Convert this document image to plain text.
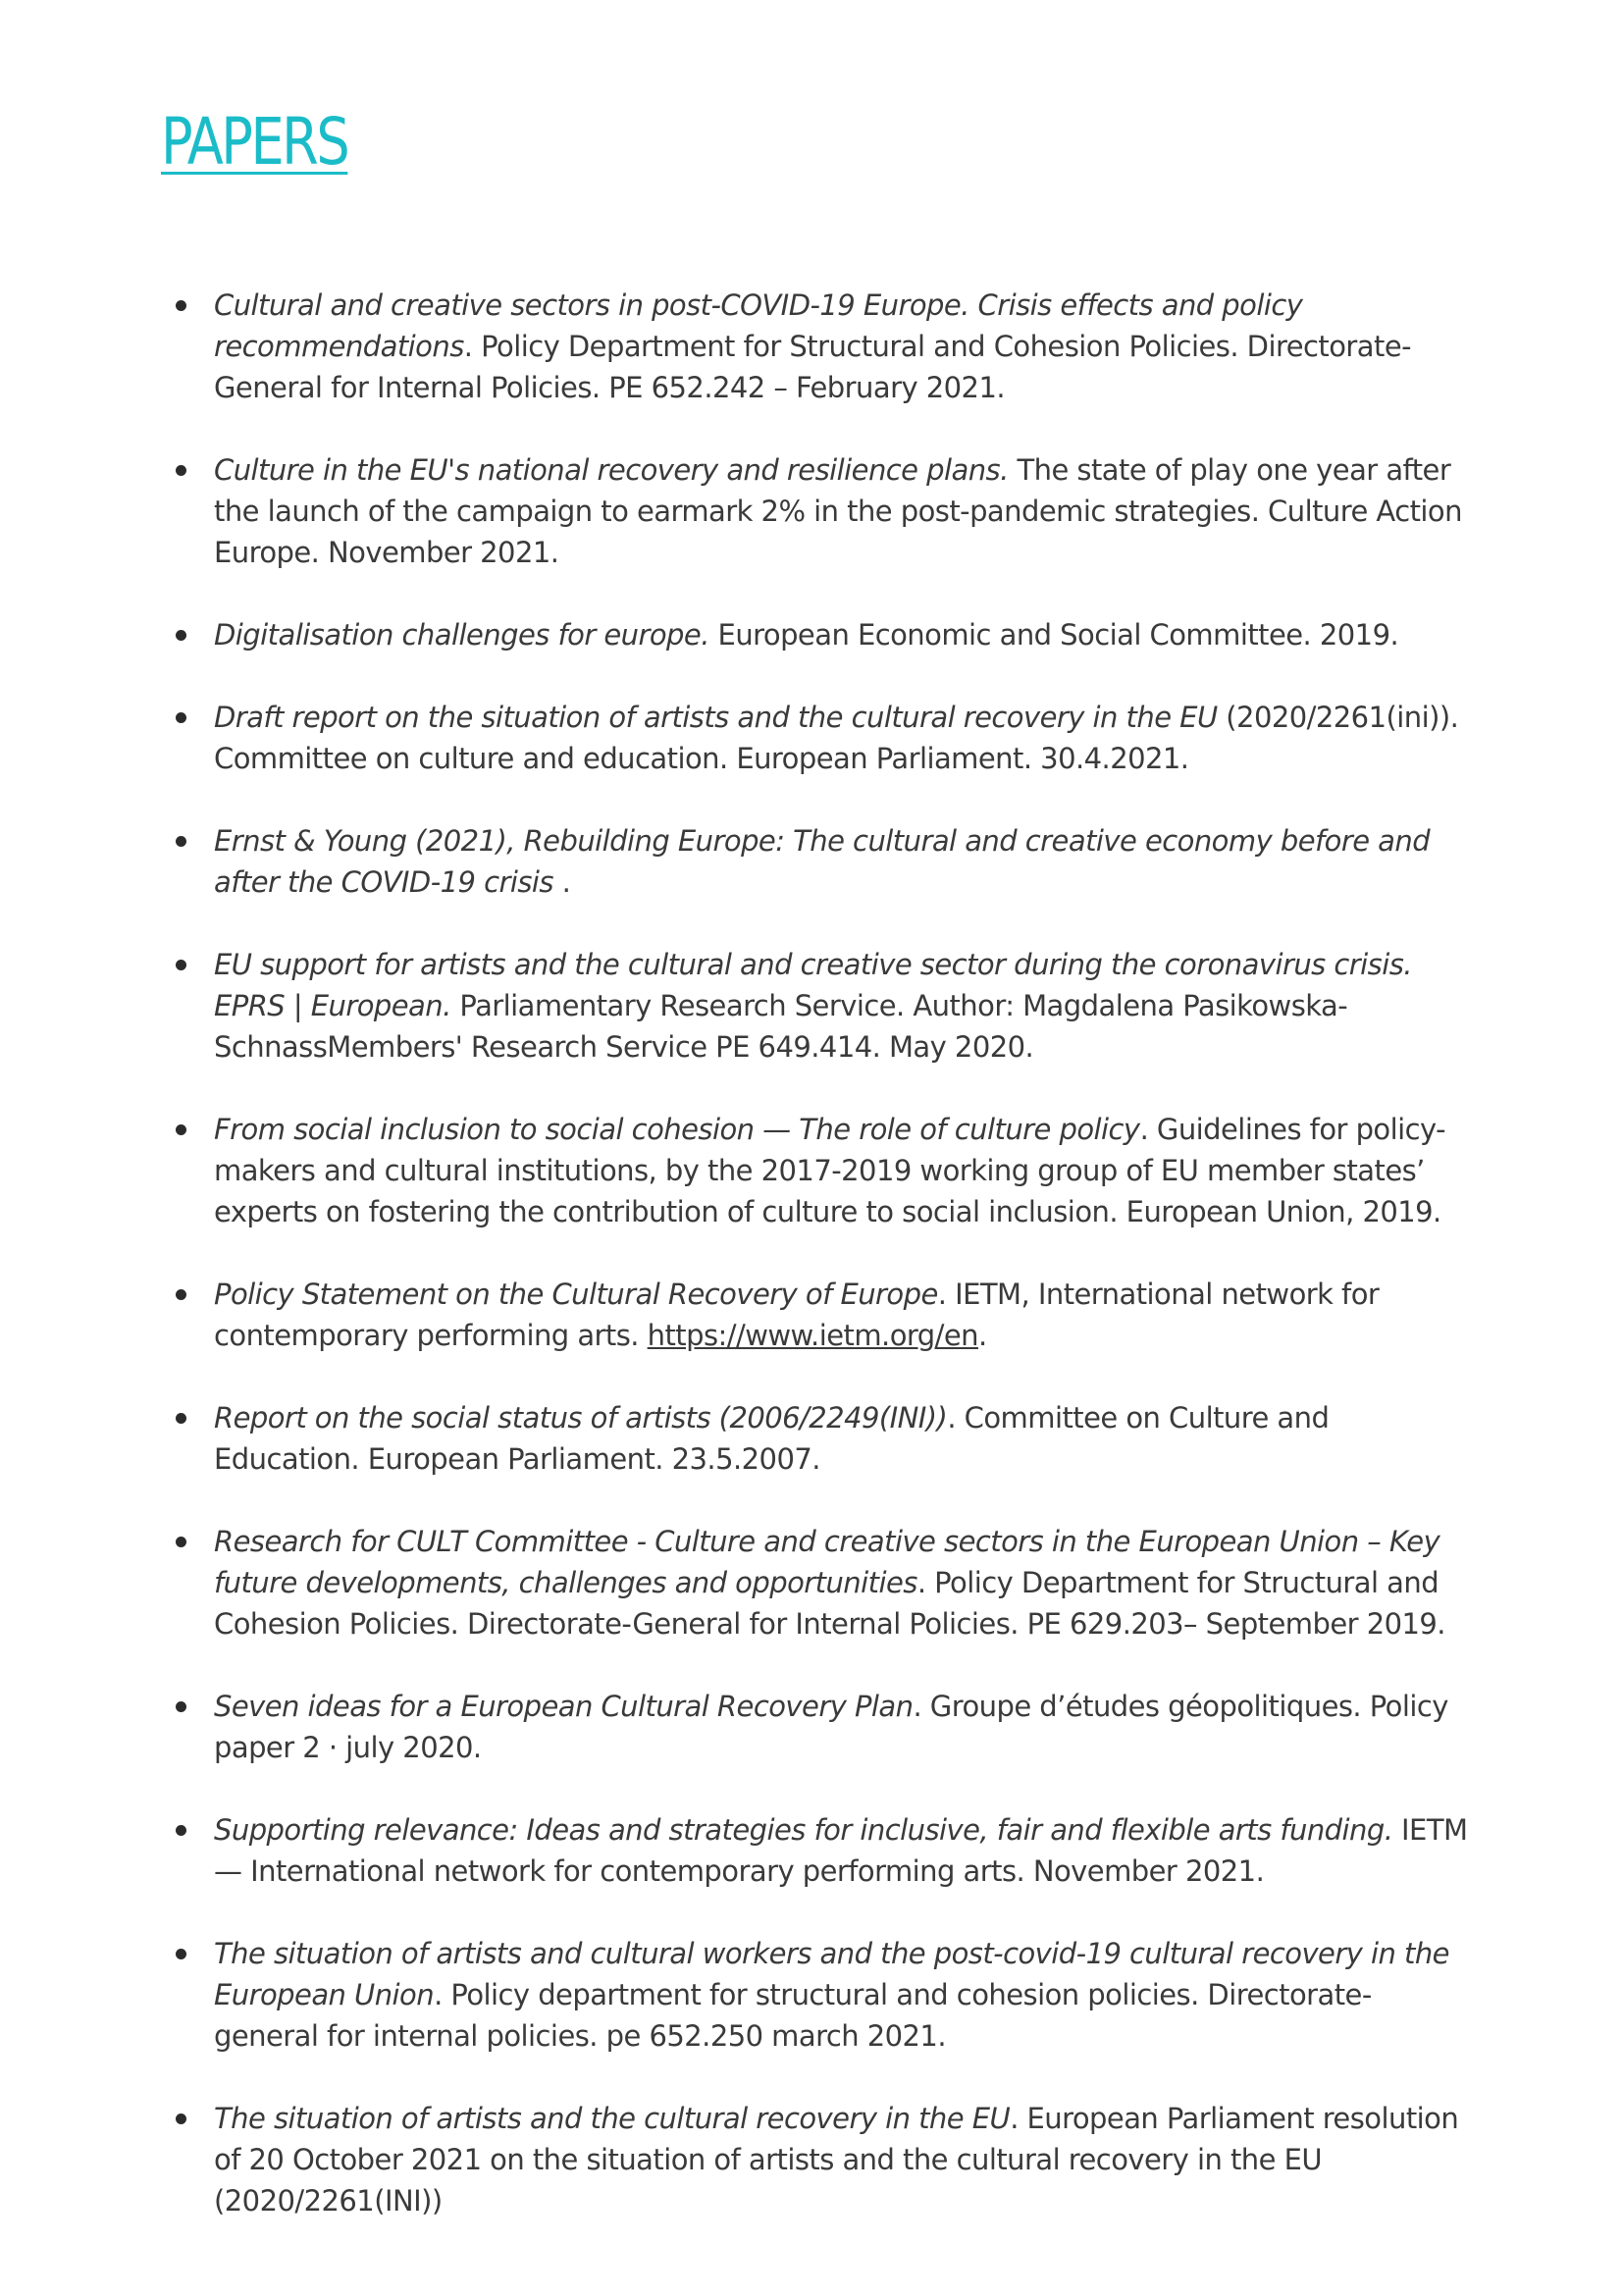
PAPERS
Cultural and creative sectors in post-COVID-19 Europe. Crisis effects and policy recommendations. Policy Department for Structural and Cohesion Policies. Directorate-General for Internal Policies. PE 652.242 – February 2021.
Culture in the EU's national recovery and resilience plans. The state of play one year after the launch of the campaign to earmark 2% in the post-pandemic strategies. Culture Action Europe. November 2021.
Digitalisation challenges for europe. European Economic and Social Committee. 2019.
Draft report on the situation of artists and the cultural recovery in the EU (2020/2261(ini)). Committee on culture and education. European Parliament. 30.4.2021.
Ernst & Young (2021), Rebuilding Europe: The cultural and creative economy before and after the COVID-19 crisis .
EU support for artists and the cultural and creative sector during the coronavirus crisis. EPRS | European. Parliamentary Research Service. Author: Magdalena Pasikowska-SchnassMembers' Research Service PE 649.414. May 2020.
From social inclusion to social cohesion — The role of culture policy. Guidelines for policy-makers and cultural institutions, by the 2017-2019 working group of EU member states’ experts on fostering the contribution of culture to social inclusion. European Union, 2019.
Policy Statement on the Cultural Recovery of Europe. IETM, International network for contemporary performing arts. https://www.ietm.org/en.
Report on the social status of artists (2006/2249(INI)). Committee on Culture and Education. European Parliament. 23.5.2007.
Research for CULT Committee - Culture and creative sectors in the European Union – Key future developments, challenges and opportunities. Policy Department for Structural and Cohesion Policies. Directorate-General for Internal Policies. PE 629.203– September 2019.
Seven ideas for a European Cultural Recovery Plan. Groupe d’études géopolitiques. Policy paper 2 · july 2020.
Supporting relevance: Ideas and strategies for inclusive, fair and flexible arts funding. IETM — International network for contemporary performing arts. November 2021.
The situation of artists and cultural workers and the post-covid-19 cultural recovery in the European Union. Policy department for structural and cohesion policies. Directorate-general for internal policies. pe 652.250 march 2021.
The situation of artists and the cultural recovery in the EU. European Parliament resolution of 20 October 2021 on the situation of artists and the cultural recovery in the EU (2020/2261(INI))
